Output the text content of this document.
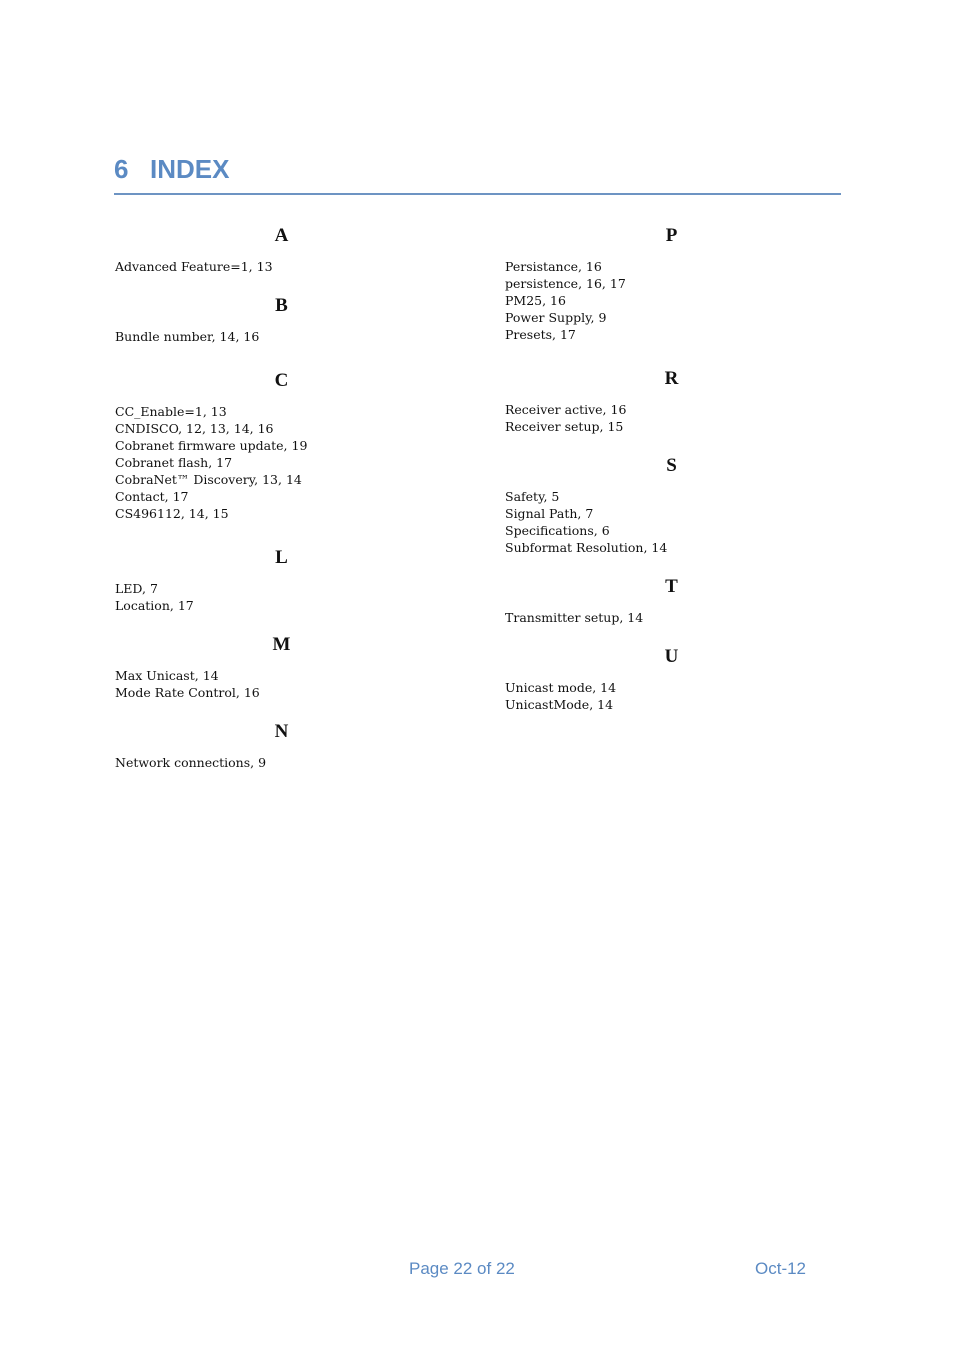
6 INDEX
A
Advanced Feature=1, 13
B
Bundle number, 14, 16
C
CC_Enable=1, 13
CNDISCO, 12, 13, 14, 16
Cobranet firmware update, 19
Cobranet flash, 17
CobraNet™ Discovery, 13, 14
Contact, 17
CS496112, 14, 15
L
LED, 7
Location, 17
M
Max Unicast, 14
Mode Rate Control, 16
N
Network connections, 9
P
Persistance, 16
persistence, 16, 17
PM25, 16
Power Supply, 9
Presets, 17
R
Receiver active, 16
Receiver setup, 15
S
Safety, 5
Signal Path, 7
Specifications, 6
Subformat Resolution, 14
T
Transmitter setup, 14
U
Unicast mode, 14
UnicastMode, 14
Page 22 of 22	Oct-12
